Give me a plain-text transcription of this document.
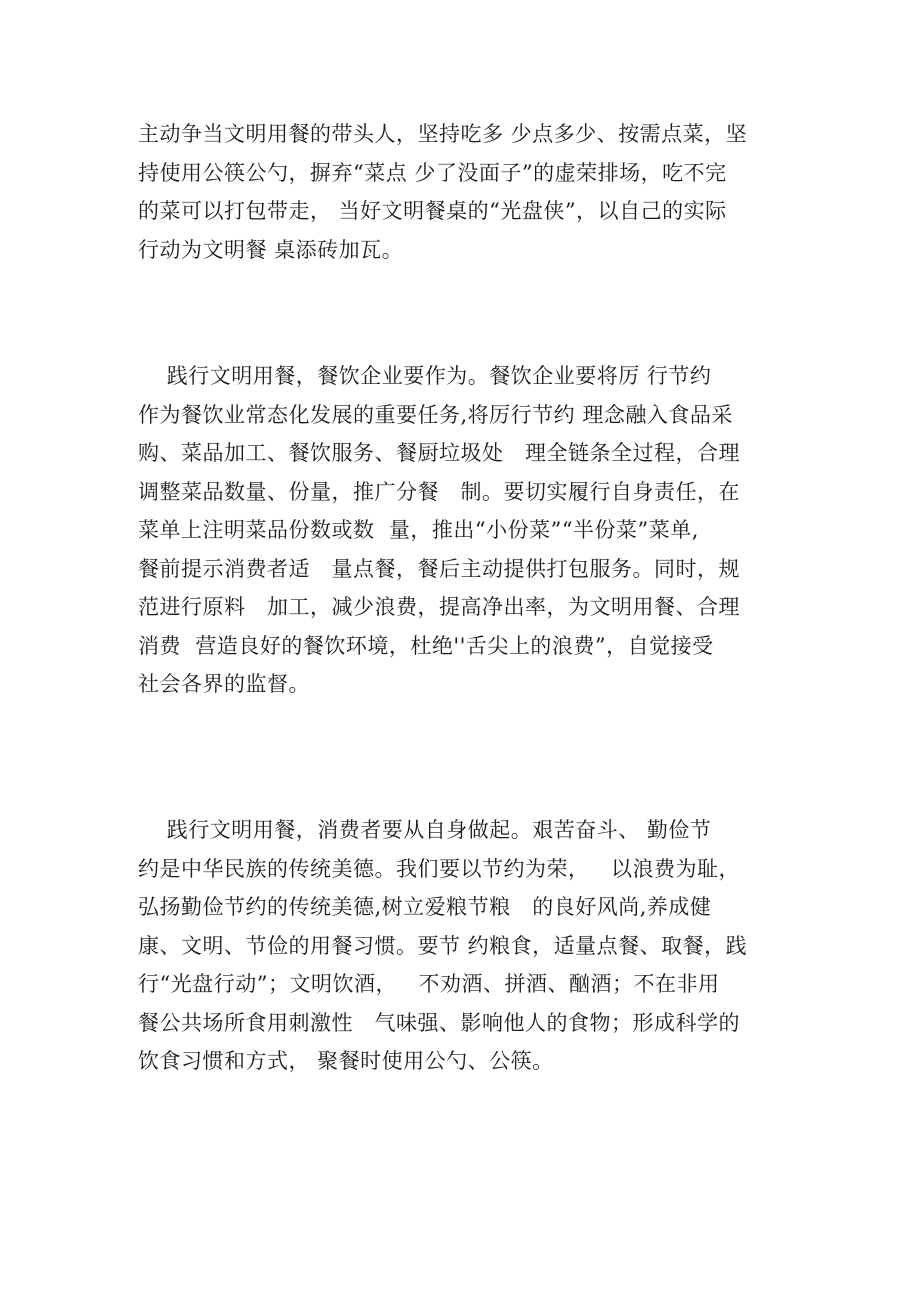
主动争当文明用餐的带头人，坚持吃多 少点多少、按需点菜，坚
持使用公筷公勺，摒弃“菜点 少了没面子”的虚荣排场，吃不完
的菜可以打包带走， 当好文明餐桌的“光盘侠”，以自己的实际
行动为文明餐 桌添砖加瓦。
践行文明用餐，餐饮企业要作为。餐饮企业要将厉 行节约
作为餐饮业常态化发展的重要任务,将厉行节约 理念融入食品采
购、菜品加工、餐饮服务、餐厨垃圾处   理全链条全过程，合理
调整菜品数量、份量，推广分餐   制。要切实履行自身责任，在
菜单上注明菜品份数或数  量，推出“小份菜”“半份菜”菜单,
餐前提示消费者适   量点餐，餐后主动提供打包服务。同时，规
范进行原料   加工，减少浪费，提高净出率，为文明用餐、合理
消费  营造良好的餐饮环境，杜绝''舌尖上的浪费”，自觉接受
社会各界的监督。
践行文明用餐，消费者要从自身做起。艰苦奋斗、 勤俭节
约是中华民族的传统美德。我们要以节约为荣，   以浪费为耻，
弘扬勤俭节约的传统美德,树立爱粮节粮   的良好风尚,养成健
康、文明、节俭的用餐习惯。要节 约粮食，适量点餐、取餐，践
行“光盘行动”；文明饮酒，   不劝酒、拼酒、酗酒；不在非用
餐公共场所食用刺激性   气味强、影响他人的食物；形成科学的
饮食习惯和方式， 聚餐时使用公勺、公筷。
